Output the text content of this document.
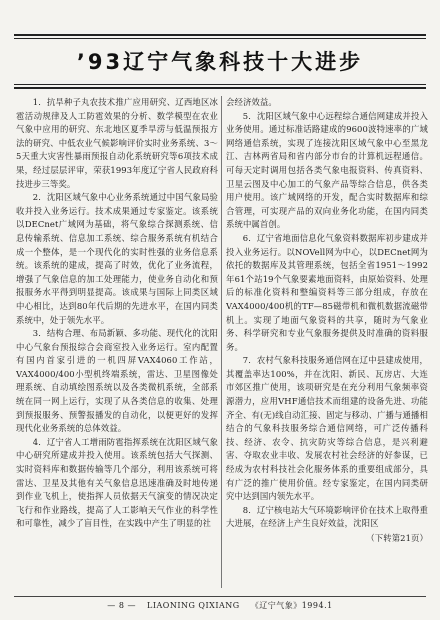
’93辽宁气象科技十大进步

1．抗旱种子丸农技术推广应用研究、辽西地区冰雹活动规律及人工防雹效果的分析、数学模型在农业气象中应用的研究、东北地区夏季旱涝与低温预报方法的研究、中低农业气候影响评价实时业务系统、3～5天重大灾害性暴雨预报自动化系统研究等6项技术成果，经过层层评审，荣获1993年度辽宁省人民政府科技进步三等奖。

2．沈阳区域气象中心业务系统通过中国气象局验收并投入业务运行。技术成果通过专家鉴定。该系统以DECnet广域网为基础，将气象综合探测系统、信息传输系统、信息加工系统、综合服务系统有机结合成一个整体，是一个现代化的实时性强的业务信息系统。该系统的建成，提高了时效，优化了业务流程，增强了气象信息的加工处理能力，使业务自动化和预报服务水平得到明显提高。该成果与国际上同类区域中心相比，达到80年代后期的先进水平，在国内同类系统中，处于领先水平。

3．结构合理、布局新颖、多功能、现代化的沈阳中心气象台预报综合会商室投入业务运行。室内配置有国内首家引进的一机四屏VAX4060工作站，VAX4000/400小型机终端系统，雷达、卫星图像处理系统、自动填绘图系统以及各类微机系统，全部系统在同一网上运行，实现了从各类信息的收集、处理到预报服务、预警报播发的自动化，以便更好的发挥现代化业务系统的总体效益。

4．辽宁省人工增雨防雹指挥系统在沈阳区域气象中心研究所建成并投入使用。该系统包括大气探测、实时资料库和数据传输等几个部分，利用该系统可将雷达、卫星及其他有关气象信息迅速准确及时地传递到作业飞机上，使指挥人员依据天气演变的情况决定飞行和作业路线，提高了人工影响天气作业的科学性和可靠性，减少了盲目性，在实践中产生了明显的社

会经济效益。

5．沈阳区域气象中心远程综合通信网建成并投入业务使用。通过标准话路建成的9600波特速率的广域网络通信系统，实现了连接沈阳区域气象中心至黑龙江、吉林两省局和省内部分市台的计算机远程通信。可每天定时调用包括各类气象电报资料、传真资料、卫星云图及中心加工的气象产品等综合信息，供各类用户使用。该广域网络的开发，配合实时数据库和综合管理，可实现产品的双向业务化功能，在国内同类系统中属首创。

6．辽宁省地面信息化气象资料数据库初步建成并投入业务运行。以NOVell网为中心，以DECnet网为依托的数据库及其管理系统，包括全省1951～1992年61个站19个气象要素地面资料，由原始资料、处理后的标准化资料和整编资料等三部分组成，存放在VAX4000/400机的TF—85磁带机和微机数据流磁带机上。实现了地面气象资料的共享，随时为气象业务、科学研究和专业气象服务提供及时准确的资料服务。

7．农村气象科技服务通信网在辽中县建成使用，其覆盖率达100%，并在沈阳、新民、瓦房店、大连市郊区推广使用，该项研究是在充分利用气象频率资源潜力，应用VHF通信技术而组建的设备先进、功能齐全、有(无)线自动汇接、固定与移动、广播与通播相结合的气象科技服务综合通信网络，可广泛传播科技、经济、农令、抗灾防灾等综合信息，是兴利避害、夺取农业丰收、发展农村社会经济的好参谋，已经成为农村科技社会化服务体系的重要组成部分，具有广泛的推广使用价值。经专家鉴定，在国内同类研究中达到国内领先水平。

8．辽宁核电站大气环境影响评价在技术上取得重大进展，在经济上产生良好效益，沈阳区

（下转第21页）

— 8 — LIAONING QIXIANG 《辽宁气象》1994.1
